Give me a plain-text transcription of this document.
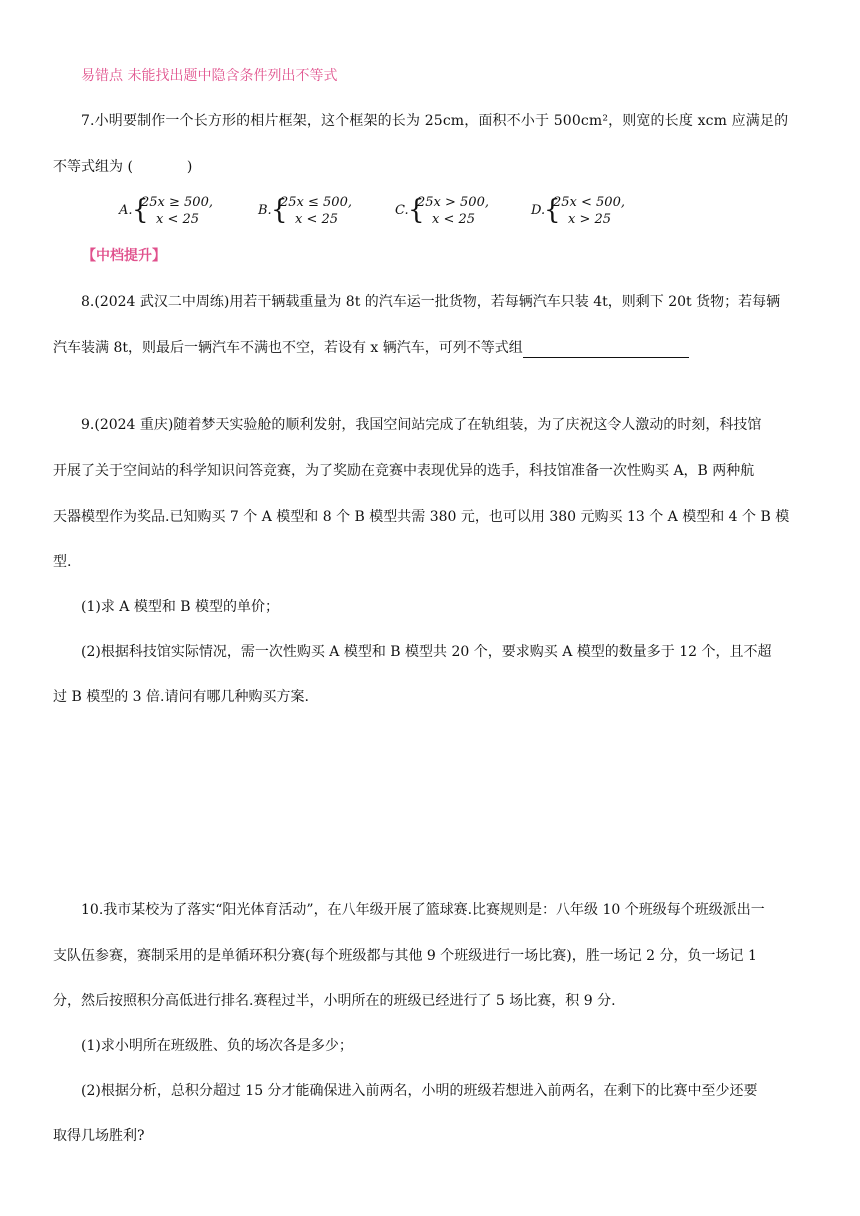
易错点 未能找出题中隐含条件列出不等式
7.小明要制作一个长方形的相片框架，这个框架的长为 25cm，面积不小于 500cm²，则宽的长度 xcm 应满足的
不等式组为 (	)
A. {
25x ≥ 500,
x < 25
B. {
25x ≤ 500,
x < 25
C. {
25x > 500,
x < 25
D.
{
25x < 500,
x > 25
【中档提升】
8.(2024 武汉二中周练)用若干辆载重量为 8t 的汽车运一批货物，若每辆汽车只装 4t，则剩下 20t 货物；若每辆
汽车装满 8t，则最后一辆汽车不满也不空，若设有 x 辆汽车，可列不等式组
9.(2024 重庆)随着梦天实验舱的顺利发射，我国空间站完成了在轨组装，为了庆祝这令人激动的时刻，科技馆
开展了关于空间站的科学知识问答竞赛，为了奖励在竞赛中表现优异的选手，科技馆准备一次性购买 A，B 两种航
天器模型作为奖品.已知购买 7 个 A 模型和 8 个 B 模型共需 380 元，也可以用 380 元购买 13 个 A 模型和 4 个 B 模
型.
(1)求 A 模型和 B 模型的单价；
(2)根据科技馆实际情况，需一次性购买 A 模型和 B 模型共 20 个，要求购买 A 模型的数量多于 12 个，且不超
过 B 模型的 3 倍.请问有哪几种购买方案.
10.我市某校为了落实“阳光体育活动”，在八年级开展了篮球赛.比赛规则是：八年级 10 个班级每个班级派出一
支队伍参赛，赛制采用的是单循环积分赛(每个班级都与其他 9 个班级进行一场比赛)，胜一场记 2 分，负一场记 1
分，然后按照积分高低进行排名.赛程过半，小明所在的班级已经进行了 5 场比赛，积 9 分.
(1)求小明所在班级胜、负的场次各是多少；
(2)根据分析，总积分超过 15 分才能确保进入前两名，小明的班级若想进入前两名，在剩下的比赛中至少还要
取得几场胜利?
